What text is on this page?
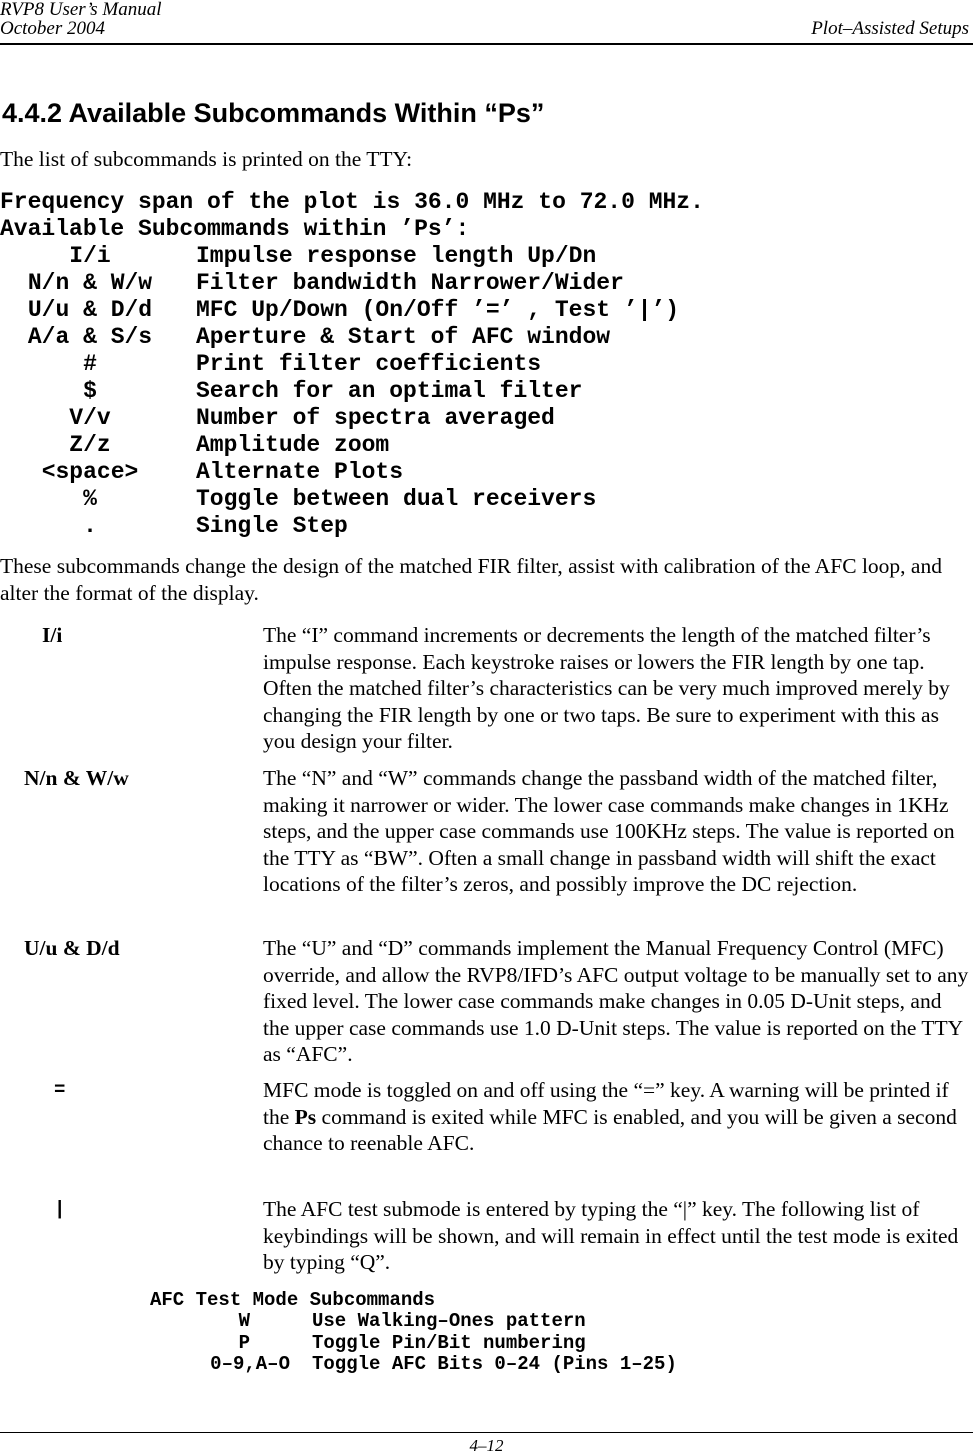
RVP8 User’s Manual
October 2004	Plot–Assisted Setups
4.4.2 Available Subcommands Within “Ps”
The list of subcommands is printed on the TTY:
Frequency span of the plot is 36.0 MHz to 72.0 MHz.
Available Subcommands within ’Ps’:
I/i	Impulse response length Up/Dn
N/n & W/w	Filter bandwidth Narrower/Wider
U/u & D/d	MFC Up/Down (On/Off ’=’ , Test ’|’)
A/a & S/s	Aperture & Start of AFC window
#	Print filter coefficients
$	Search for an optimal filter
V/v	Number of spectra averaged
Z/z	Amplitude zoom
<space>	Alternate Plots
%	Toggle between dual receivers
.	Single Step
These subcommands change the design of the matched FIR filter, assist with calibration of the AFC loop, and alter the format of the display.
I/i	The “I” command increments or decrements the length of the matched filter’s impulse response. Each keystroke raises or lowers the FIR length by one tap. Often the matched filter’s characteristics can be very much improved merely by changing the FIR length by one or two taps. Be sure to experiment with this as you design your filter.
N/n & W/w	The “N” and “W” commands change the passband width of the matched filter, making it narrower or wider. The lower case commands make changes in 1KHz steps, and the upper case commands use 100KHz steps. The value is reported on the TTY as “BW”. Often a small change in passband width will shift the exact locations of the filter’s zeros, and possibly improve the DC rejection.
U/u & D/d	The “U” and “D” commands implement the Manual Frequency Control (MFC) override, and allow the RVP8/IFD’s AFC output voltage to be manually set to any fixed level. The lower case commands make changes in 0.05 D-Unit steps, and the upper case commands use 1.0 D-Unit steps. The value is reported on the TTY as “AFC”.
=	MFC mode is toggled on and off using the “=” key. A warning will be printed if the Ps command is exited while MFC is enabled, and you will be given a second chance to reenable AFC.
|	The AFC test submode is entered by typing the “|” key. The following list of keybindings will be shown, and will remain in effect until the test mode is exited by typing “Q”.
AFC Test Mode Subcommands
W	Use Walking–Ones pattern
P	Toggle Pin/Bit numbering
0–9,A–O Toggle AFC Bits 0–24 (Pins 1–25)
4–12
